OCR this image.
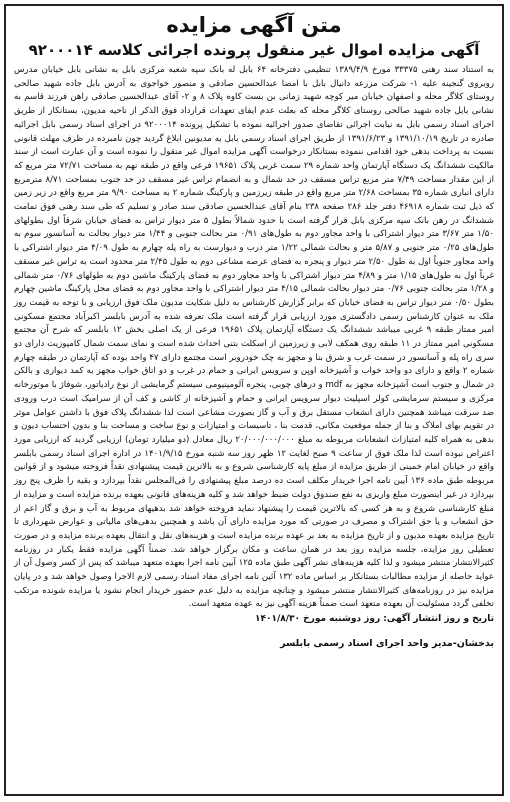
متن آگهی مزایده
آگهی مزایده اموال غیر منقول پرونده اجرائی کلاسه ۹۲۰۰۰۱۴

به استناد سند رهنی ۳۳۳۷۵ مورخ ۱۳۸۹/۴/۹ تنظیمی دفترخانه ۶۴ بابل له بانک سپه شعبه مرکزی بابل به نشانی بابل خیابان مدرس روبروی گنجینه علیه ۱- شرکت مزرعه دانیال بابل با امضا عبدالحسین صادقی و منصور خواجوی به آدرس بابل جاده شهید صالحی روستای کلاگر محله و اصفهان خیابان میر کوچه شهید زمانی بن بست کاوه پلاک ۸ و ۲- آقای عبدالحسین صادقی راهن فرزند قاسم به نشانی بابل جاده شهید صالحی روستای کلاگر محله که بعلت عدم ایفای تعهدات قرارداد فوق الذکر از ناحیه مدیون، بستانکار از طریق اجرای اسناد رسمی بابل به نیابت اجرائی تقاضای صدور اجرائیه نموده با تشکیل پرونده ۹۲۰۰۰۱۴ در اجرای اسناد رسمی بابل اجرائیه صادره در تاریخ ۱۳۹۱/۱۰/۱۹ و ۱۳۹۱/۶/۲۳ از طریق اجرای اسناد رسمی بابل به مدیونین ابلاغ گردید چون نامبرده در ظرف مهلت قانونی نسبت به پرداخت بدهی خود اقدامی ننموده بستانکار درخواست آگهی مزایده اموال غیر منقول را نموده است و آن عبارت است از سند مالکیت ششدانگ یک دستگاه آپارتمان واحد شماره ۲۹ سمت غربی پلاک ۱۹۶۵۱ فرعی واقع در طبقه نهم به مساحت ۷۲/۷۱ متر مربع که از این مقدار مساحت ۷/۴۹ متر مربع تراس مسقف در حد شمال و به انضمام تراس غیر مسقف در حد جنوب بمساحت ۸/۷۱ مترمربع دارای انباری شماره ۳۵ بمساحت ۲/۶۸ متر مربع واقع در طبقه زیرزمین و پارکینگ شماره ۲ به مساحت ۹/۹۰ متر مربع واقع در زیر زمین که ذیل ثبت شماره ۴۶۹۱۸ دفتر جلد ۲۸۶ صفحه ۲۳۸ بنام آقای عبدالحسین صادقی سند صادر و تسلیم که طی سند رهنی فوق تمامت ششدانگ در رهن بانک سپه مرکزی بابل قرار گرفته است با حدود شمالاً بطول ۵ متر دیوار تراس به فضای خیابان شرقاً اول بطولهای ۱/۵۰ متر ۳/۶۷ متر دیوار اشتراکی با واحد مجاور دوم به طول‌های ۰/۹۱ متر بحالت جنوبی و ۱/۴۴ متر دیوار بحالت به آسانسور سوم به طول‌های ۰/۲۵ متر جنوبی و ۵/۸۷ متر و بحالت شمالی ۱/۲۲ متر درب و دیوارست به راه پله چهارم به طول ۴/۰۹ متر دیوار اشتراکی با واحد مجاور جنوباً اول به طول ۲/۵۰ متر دیوار و پنجره به فضای عرصه مشاعی دوم به طول ۲/۴۵ متر محدود است به تراس غیر مسقف غرباً اول به طول‌های ۱/۱۵ متر و ۴/۸۹ متر دیوار اشتراکی با واحد مجاور دوم به فضای پارکینگ ماشین دوم به طولهای ۰/۷۶ متر شمالی و ۱/۲۸ متر بحالت جنوبی ۰/۷۶ متر دیوار بحالت شمالی ۴/۱۵ متر دیوار اشتراکی با واحد مجاور دوم به فضای محل پارکینگ ماشین چهارم بطول ۰/۵۰ متر دیوار تراس به فضای خیابان که برابر گزارش کارشناس به دلیل شکایت مدیون ملک فوق ارزیابی و با توجه به قیمت روز ملک به عنوان کارشناس رسمی دادگستری مورد ارزیابی قرار گرفته است ملک تعرفه شده به آدرس بابلسر اکبرآباد مجتمع مسکونی امیر ممتاز طبقه ۹ غربی میباشد ششدانگ یک دستگاه آپارتمان پلاک ۱۹۶۵۱ فرعی از یک اصلی بخش ۱۲ بابلسر که شرح آن مجتمع مسکونی امیر ممتاز در ۱۱ طبقه روی همکف لابی و زیرزمین از اسکلت بتنی احداث شده است و نمای سمت شمال کامپوزیت دارای دو سری راه پله و آسانسور در سمت غرب و شرق بنا و مجهز به چک خودروبر است مجتمع دارای ۴۷ واحد بوده که آپارتمان در طبقه چهارم شماره ۲ واقع و دارای دو واحد خواب و آشپزخانه اوپن و سرویس ایرانی و حمام در غرب و دو اتاق خواب مجهز به کمد دیواری و بالکن در شمال و جنوب است آشپزخانه مجهز به mdf و درهای چوبی، پنجره آلومینیومی سیستم گرمایشی از نوع رادیاتور، شوفاژ با موتورخانه مرکزی و سیستم سرمایشی کولر اسپلیت دیوار سرویس ایرانی و حمام و آشپزخانه از کاشی و کف آن از سرامیک است درب ورودی ضد سرقت میباشد همچنین دارای انشعاب مستقل برق و آب و گاز بصورت مشاعی است لذا ششدانگ پلاک فوق با داشتن عوامل موثر در تقویم بهای املاک و بنا از جمله موقعیت مکانی، قدمت بنا ، تاسیسات و امتیازات و نوع ساخت و مساحت بنا و بدون احتساب دیون و بدهی به همراه کلیه امتیازات انشعابات مربوطه به مبلغ ۲۰/۰۰۰/۰۰۰/۰۰۰ ریال معادل (دو میلیارد تومان) ارزیابی گردید که ارزیابی مورد اعتراض نبوده است لذا ملک فوق از ساعت ۹ صبح لغایت ۱۲ ظهر روز سه شنبه مورخ ۱۴۰۱/۹/۱۵ در اداره اجرای اسناد رسمی بابلسر واقع در خیابان امام خمینی از طریق مزایده از مبلغ پایه کارشناسی شروع و به بالاترین قیمت پیشنهادی نقداً فروخته میشود و از قوانین مربوطه طبق ماده ۱۳۶ آیین نامه اجرا خریدار مکلف است ده درصد مبلغ پیشنهادی را فی‌المجلس نقداً بپردازد و بقیه را ظرف پنج روز بپردازد در غیر اینصورت مبلغ واریزی به نفع صندوق دولت ضبط خواهد شد و کلیه هزینه‌های قانونی بعهده برنده مزایده است و مزایده از مبلغ کارشناسی شروع و به هر کسی که بالاترین قیمت را پیشنهاد نماید فروخته خواهد شد بدهیهای مربوط به آب و برق و گاز اعم از حق انشعاب و یا حق اشتراک و مصرف در صورتی که مورد مزایده دارای آن باشد و همچنین بدهی‌های مالیاتی و عوارض شهرداری تا تاریخ مزایده بعهده مدیون و از تاریخ مزایده به بعد بر عهده برنده مزایده است و هزینه‌های نقل و انتقال بعهده برنده مزایده و در صورت تعطیلی روز مزایده، جلسه مزایده روز بعد در همان ساعت و مکان برگزار خواهد شد. ضمناً آگهی مزایده فقط یکبار در روزنامه کثیرالانتشار منتشر میشود و لذا کلیه هزینه‌های نشر آگهی طبق ماده ۱۲۵ آیین نامه اجرا بعهده متعهد میباشد که پس از کسر وصول آن از عواید حاصله از مزایده مطالبات بستانکار بر اساس ماده ۱۳۲ آئین نامه اجرای مفاد اسناد رسمی لازم الاجرا وصول خواهد شد و در پایان مزایده نیز در روزنامه‌های کثیرالانتشار منتشر میشود و چنانچه مزایده به دلیل عدم حضور خریدار انجام نشود یا مزایده شونده مرتکب تخلفی گردد مسئولیت آن بعهده متعهد است ضمناً هزینه آگهی نیز به عهده متعهد است.

تاریخ و روز انتشار آگهی: روز دوشنبه مورخ ۱۴۰۱/۸/۳۰

بدخشان-مدیر واحد اجرای اسناد رسمی بابلسر
